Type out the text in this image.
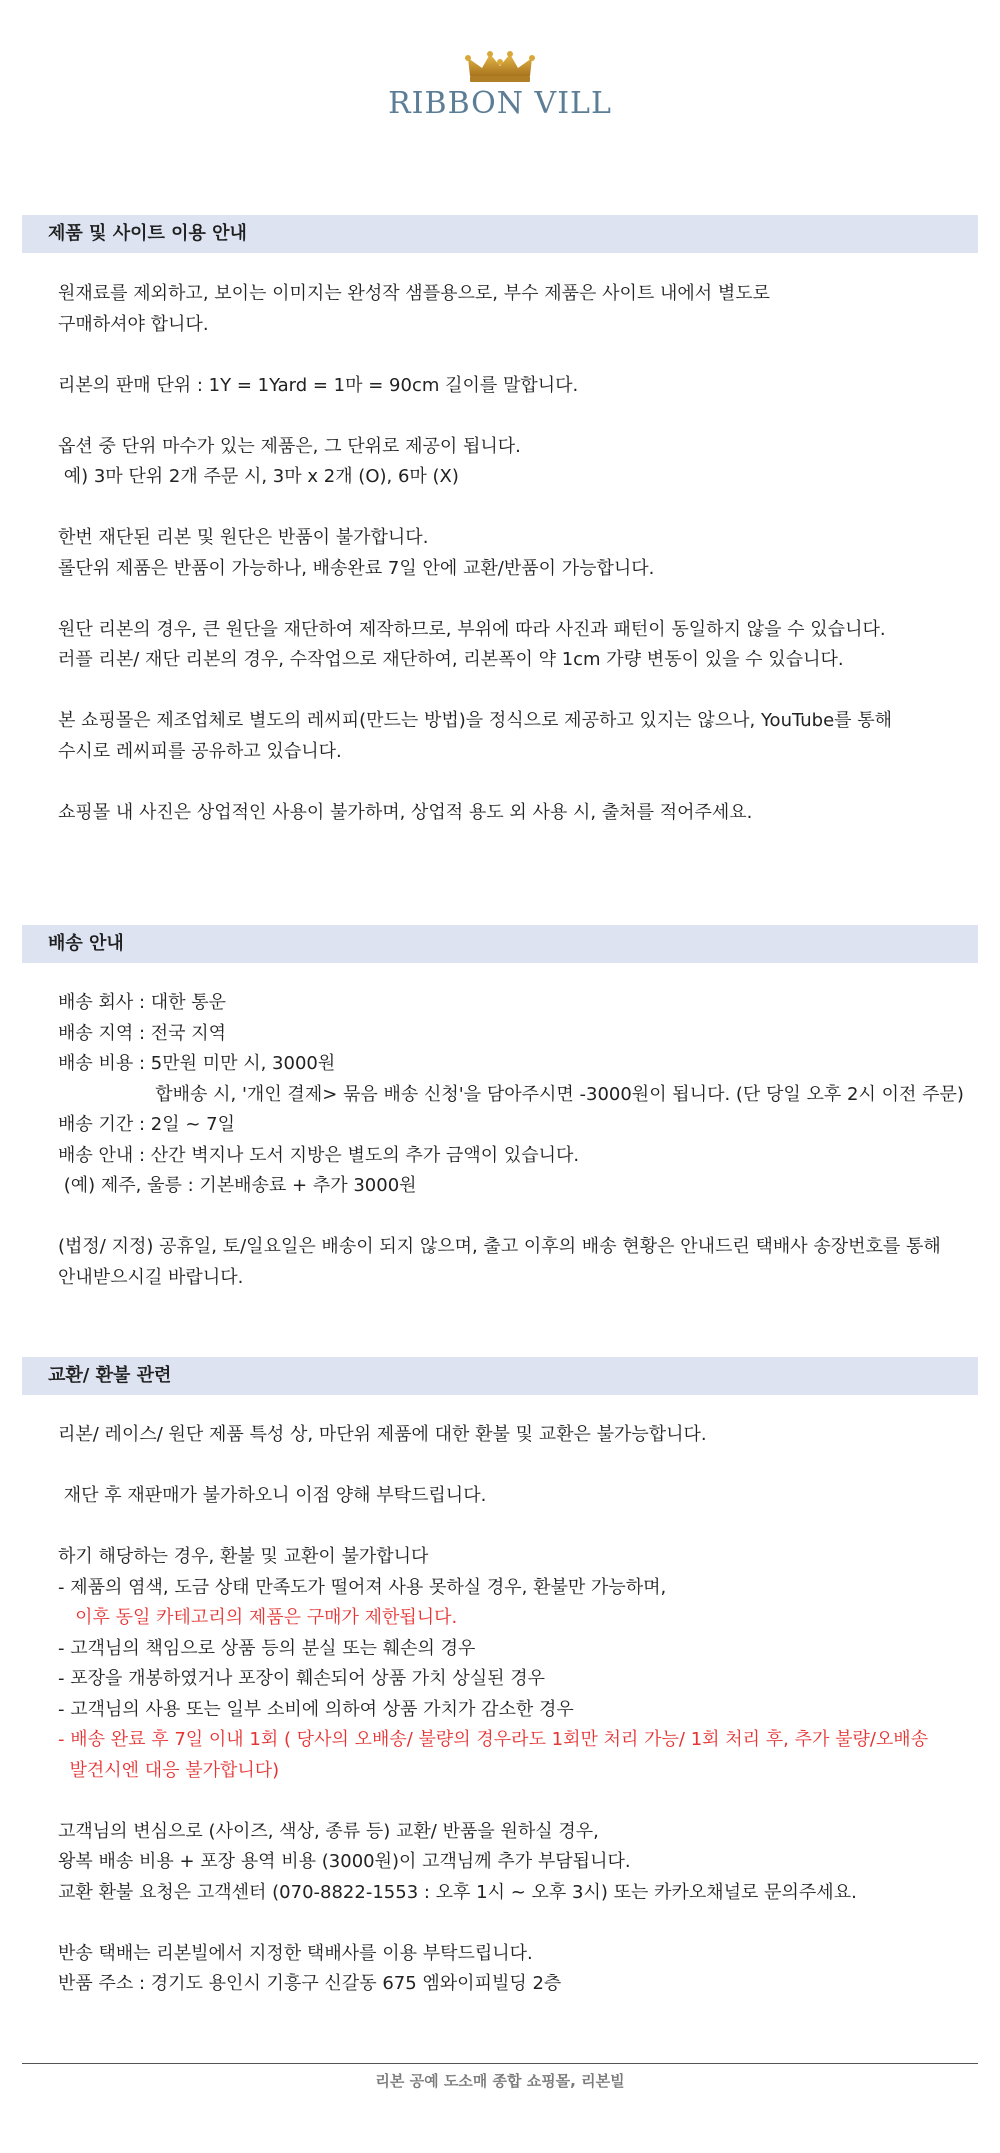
RIBBON VILL
제품 및 사이트 이용 안내
원재료를 제외하고, 보이는 이미지는 완성작 샘플용으로, 부수 제품은 사이트 내에서 별도로
구매하셔야 합니다.
리본의 판매 단위 : 1Y = 1Yard = 1마 = 90cm 길이를 말합니다.
옵션 중 단위 마수가 있는 제품은, 그 단위로 제공이 됩니다.
예) 3마 단위 2개 주문 시, 3마 x 2개 (O), 6마 (X)
한번 재단된 리본 및 원단은 반품이 불가합니다.
롤단위 제품은 반품이 가능하나, 배송완료 7일 안에 교환/반품이 가능합니다.
원단 리본의 경우, 큰 원단을 재단하여 제작하므로, 부위에 따라 사진과 패턴이 동일하지 않을 수 있습니다.
러플 리본/ 재단 리본의 경우, 수작업으로 재단하여, 리본폭이 약 1cm 가량 변동이 있을 수 있습니다.
본 쇼핑몰은 제조업체로 별도의 레씨피(만드는 방법)을 정식으로 제공하고 있지는 않으나, YouTube를 통해
수시로 레씨피를 공유하고 있습니다.
쇼핑몰 내 사진은 상업적인 사용이 불가하며, 상업적 용도 외 사용 시, 출처를 적어주세요.
배송 안내
배송 회사 : 대한 통운
배송 지역 : 전국 지역
배송 비용 : 5만원 미만 시, 3000원
합배송 시, '개인 결제> 묶음 배송 신청'을 담아주시면 -3000원이 됩니다. (단 당일 오후 2시 이전 주문)
배송 기간 : 2일 ~ 7일
배송 안내 : 산간 벽지나 도서 지방은 별도의 추가 금액이 있습니다.
(예) 제주, 울릉 : 기본배송료 + 추가 3000원
(법정/ 지정) 공휴일, 토/일요일은 배송이 되지 않으며, 출고 이후의 배송 현황은 안내드린 택배사 송장번호를 통해
안내받으시길 바랍니다.
교환/ 환불 관련
리본/ 레이스/ 원단 제품 특성 상, 마단위 제품에 대한 환불 및 교환은 불가능합니다.
재단 후 재판매가 불가하오니 이점 양해 부탁드립니다.
하기 해당하는 경우, 환불 및 교환이 불가합니다
- 제품의 염색, 도금 상태 만족도가 떨어져 사용 못하실 경우, 환불만 가능하며,
이후 동일 카테고리의 제품은 구매가 제한됩니다.
- 고객님의 책임으로 상품 등의 분실 또는 훼손의 경우
- 포장을 개봉하였거나 포장이 훼손되어 상품 가치 상실된 경우
- 고객님의 사용 또는 일부 소비에 의하여 상품 가치가 감소한 경우
- 배송 완료 후 7일 이내 1회 ( 당사의 오배송/ 불량의 경우라도 1회만 처리 가능/ 1회 처리 후, 추가 불량/오배송
발견시엔 대응 불가합니다)
고객님의 변심으로 (사이즈, 색상, 종류 등) 교환/ 반품을 원하실 경우,
왕복 배송 비용 + 포장 용역 비용 (3000원)이 고객님께 추가 부담됩니다.
교환 환불 요청은 고객센터 (070-8822-1553 : 오후 1시 ~ 오후 3시) 또는 카카오채널로 문의주세요.
반송 택배는 리본빌에서 지정한 택배사를 이용 부탁드립니다.
반품 주소 : 경기도 용인시 기흥구 신갈동 675 엠와이피빌딩 2층
리본 공예 도소매 종합 쇼핑몰, 리본빌
